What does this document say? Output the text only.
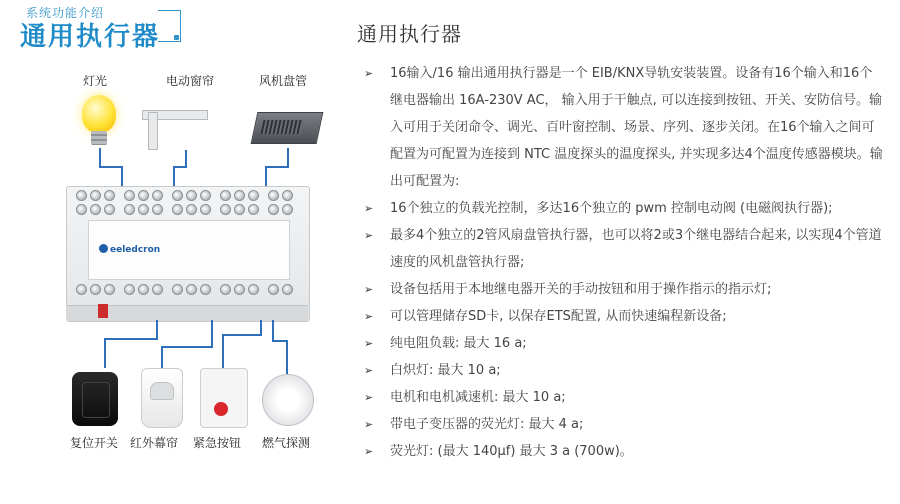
系统功能介绍
通用执行器
灯光	电动窗帘	风机盘管
eeledcron
复位开关 红外幕帘 紧急按钮 燃气探测
通用执行器
➢ 16输入/16 输出通用执行器是一个 EIB/KNX导轨安装装置。设备有16个输入和16个继电器输出 16A-230V AC， 输入用于干触点, 可以连接到按钮、开关、安防信号。输入可用于关闭命令、调光、百叶窗控制、场景、序列、逐步关闭。在16个输入之间可配置为可配置为连接到 NTC 温度探头的温度探头, 并实现多达4个温度传感器模块。输出可配置为:
➢ 16个独立的负载光控制，多达16个独立的 pwm 控制电动阀 (电磁阀执行器);
➢ 最多4个独立的2管风扇盘管执行器，也可以将2或3个继电器结合起来, 以实现4个管道速度的风机盘管执行器;
➢ 设备包括用于本地继电器开关的手动按钮和用于操作指示的指示灯;
➢ 可以管理储存SD卡, 以保存ETS配置, 从而快速编程新设备;
➢ 纯电阻负载: 最大 16 a;
➢ 白炽灯: 最大 10 a;
➢ 电机和电机减速机: 最大 10 a;
➢ 带电子变压器的荧光灯: 最大 4 a;
➢ 荧光灯: (最大 140µf) 最大 3 a (700w)。
